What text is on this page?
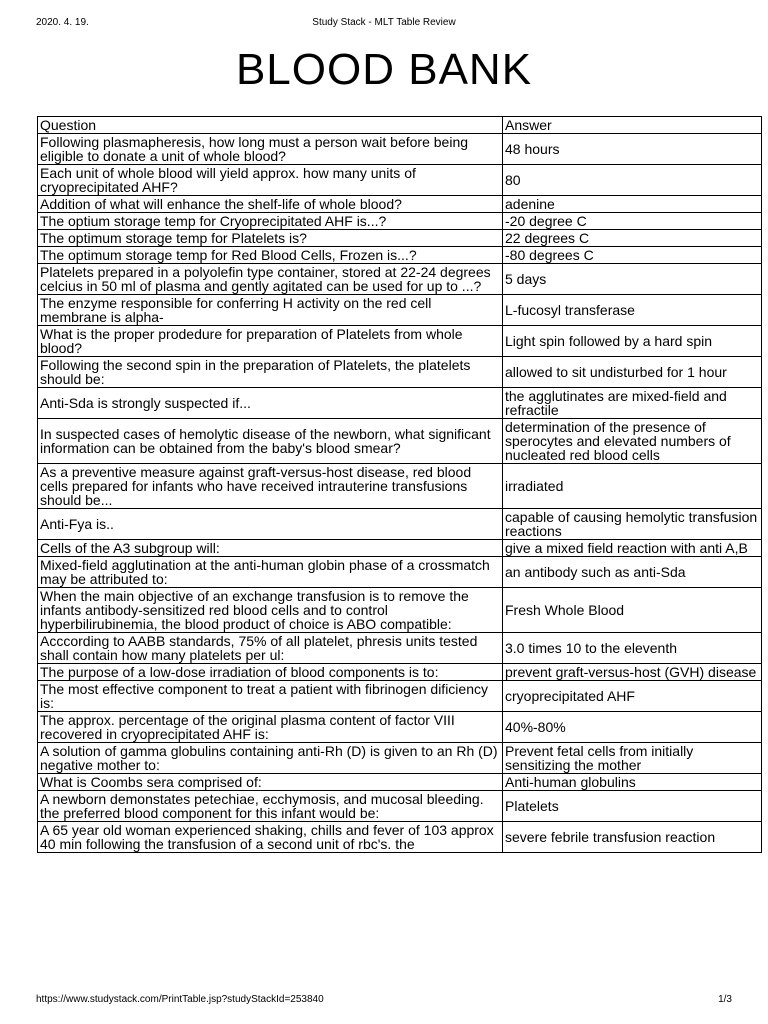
2020. 4. 19.	Study Stack - MLT Table Review
BLOOD BANK
Question	Answer
Following plasmapheresis, how long must a person wait before being eligible to donate a unit of whole blood?	48 hours
Each unit of whole blood will yield approx. how many units of cryoprecipitated AHF?	80
Addition of what will enhance the shelf-life of whole blood?	adenine
The optium storage temp for Cryoprecipitated AHF is...?	-20 degree C
The optimum storage temp for Platelets is?	22 degrees C
The optimum storage temp for Red Blood Cells, Frozen is...?	-80 degrees C
Platelets prepared in a polyolefin type container, stored at 22-24 degrees celcius in 50 ml of plasma and gently agitated can be used for up to ...?	5 days
The enzyme responsible for conferring H activity on the red cell membrane is alpha-	L-fucosyl transferase
What is the proper prodedure for preparation of Platelets from whole blood?	Light spin followed by a hard spin
Following the second spin in the preparation of Platelets, the platelets should be:	allowed to sit undisturbed for 1 hour
Anti-Sda is strongly suspected if...	the agglutinates are mixed-field and refractile
In suspected cases of hemolytic disease of the newborn, what significant information can be obtained from the baby's blood smear?	determination of the presence of sperocytes and elevated numbers of nucleated red blood cells
As a preventive measure against graft-versus-host disease, red blood cells prepared for infants who have received intrauterine transfusions should be...	irradiated
Anti-Fya is..	capable of causing hemolytic transfusion reactions
Cells of the A3 subgroup will:	give a mixed field reaction with anti A,B
Mixed-field agglutination at the anti-human globin phase of a crossmatch may be attributed to:	an antibody such as anti-Sda
When the main objective of an exchange transfusion is to remove the infants antibody-sensitized red blood cells and to control hyperbilirubinemia, the blood product of choice is ABO compatible:	Fresh Whole Blood
Acccording to AABB standards, 75% of all platelet, phresis units tested shall contain how many platelets per ul:	3.0 times 10 to the eleventh
The purpose of a low-dose irradiation of blood components is to:	prevent graft-versus-host (GVH) disease
The most effective component to treat a patient with fibrinogen dificiency is:	cryoprecipitated AHF
The approx. percentage of the original plasma content of factor VIII recovered in cryoprecipitated AHF is:	40%-80%
A solution of gamma globulins containing anti-Rh (D) is given to an Rh (D) negative mother to:	Prevent fetal cells from initially sensitizing the mother
What is Coombs sera comprised of:	Anti-human globulins
A newborn demonstates petechiae, ecchymosis, and mucosal bleeding. the preferred blood component for this infant would be:	Platelets
A 65 year old woman experienced shaking, chills and fever of 103 approx 40 min following the transfusion of a second unit of rbc's. the	severe febrile transfusion reaction
https://www.studystack.com/PrintTable.jsp?studyStackId=253840	1/3
